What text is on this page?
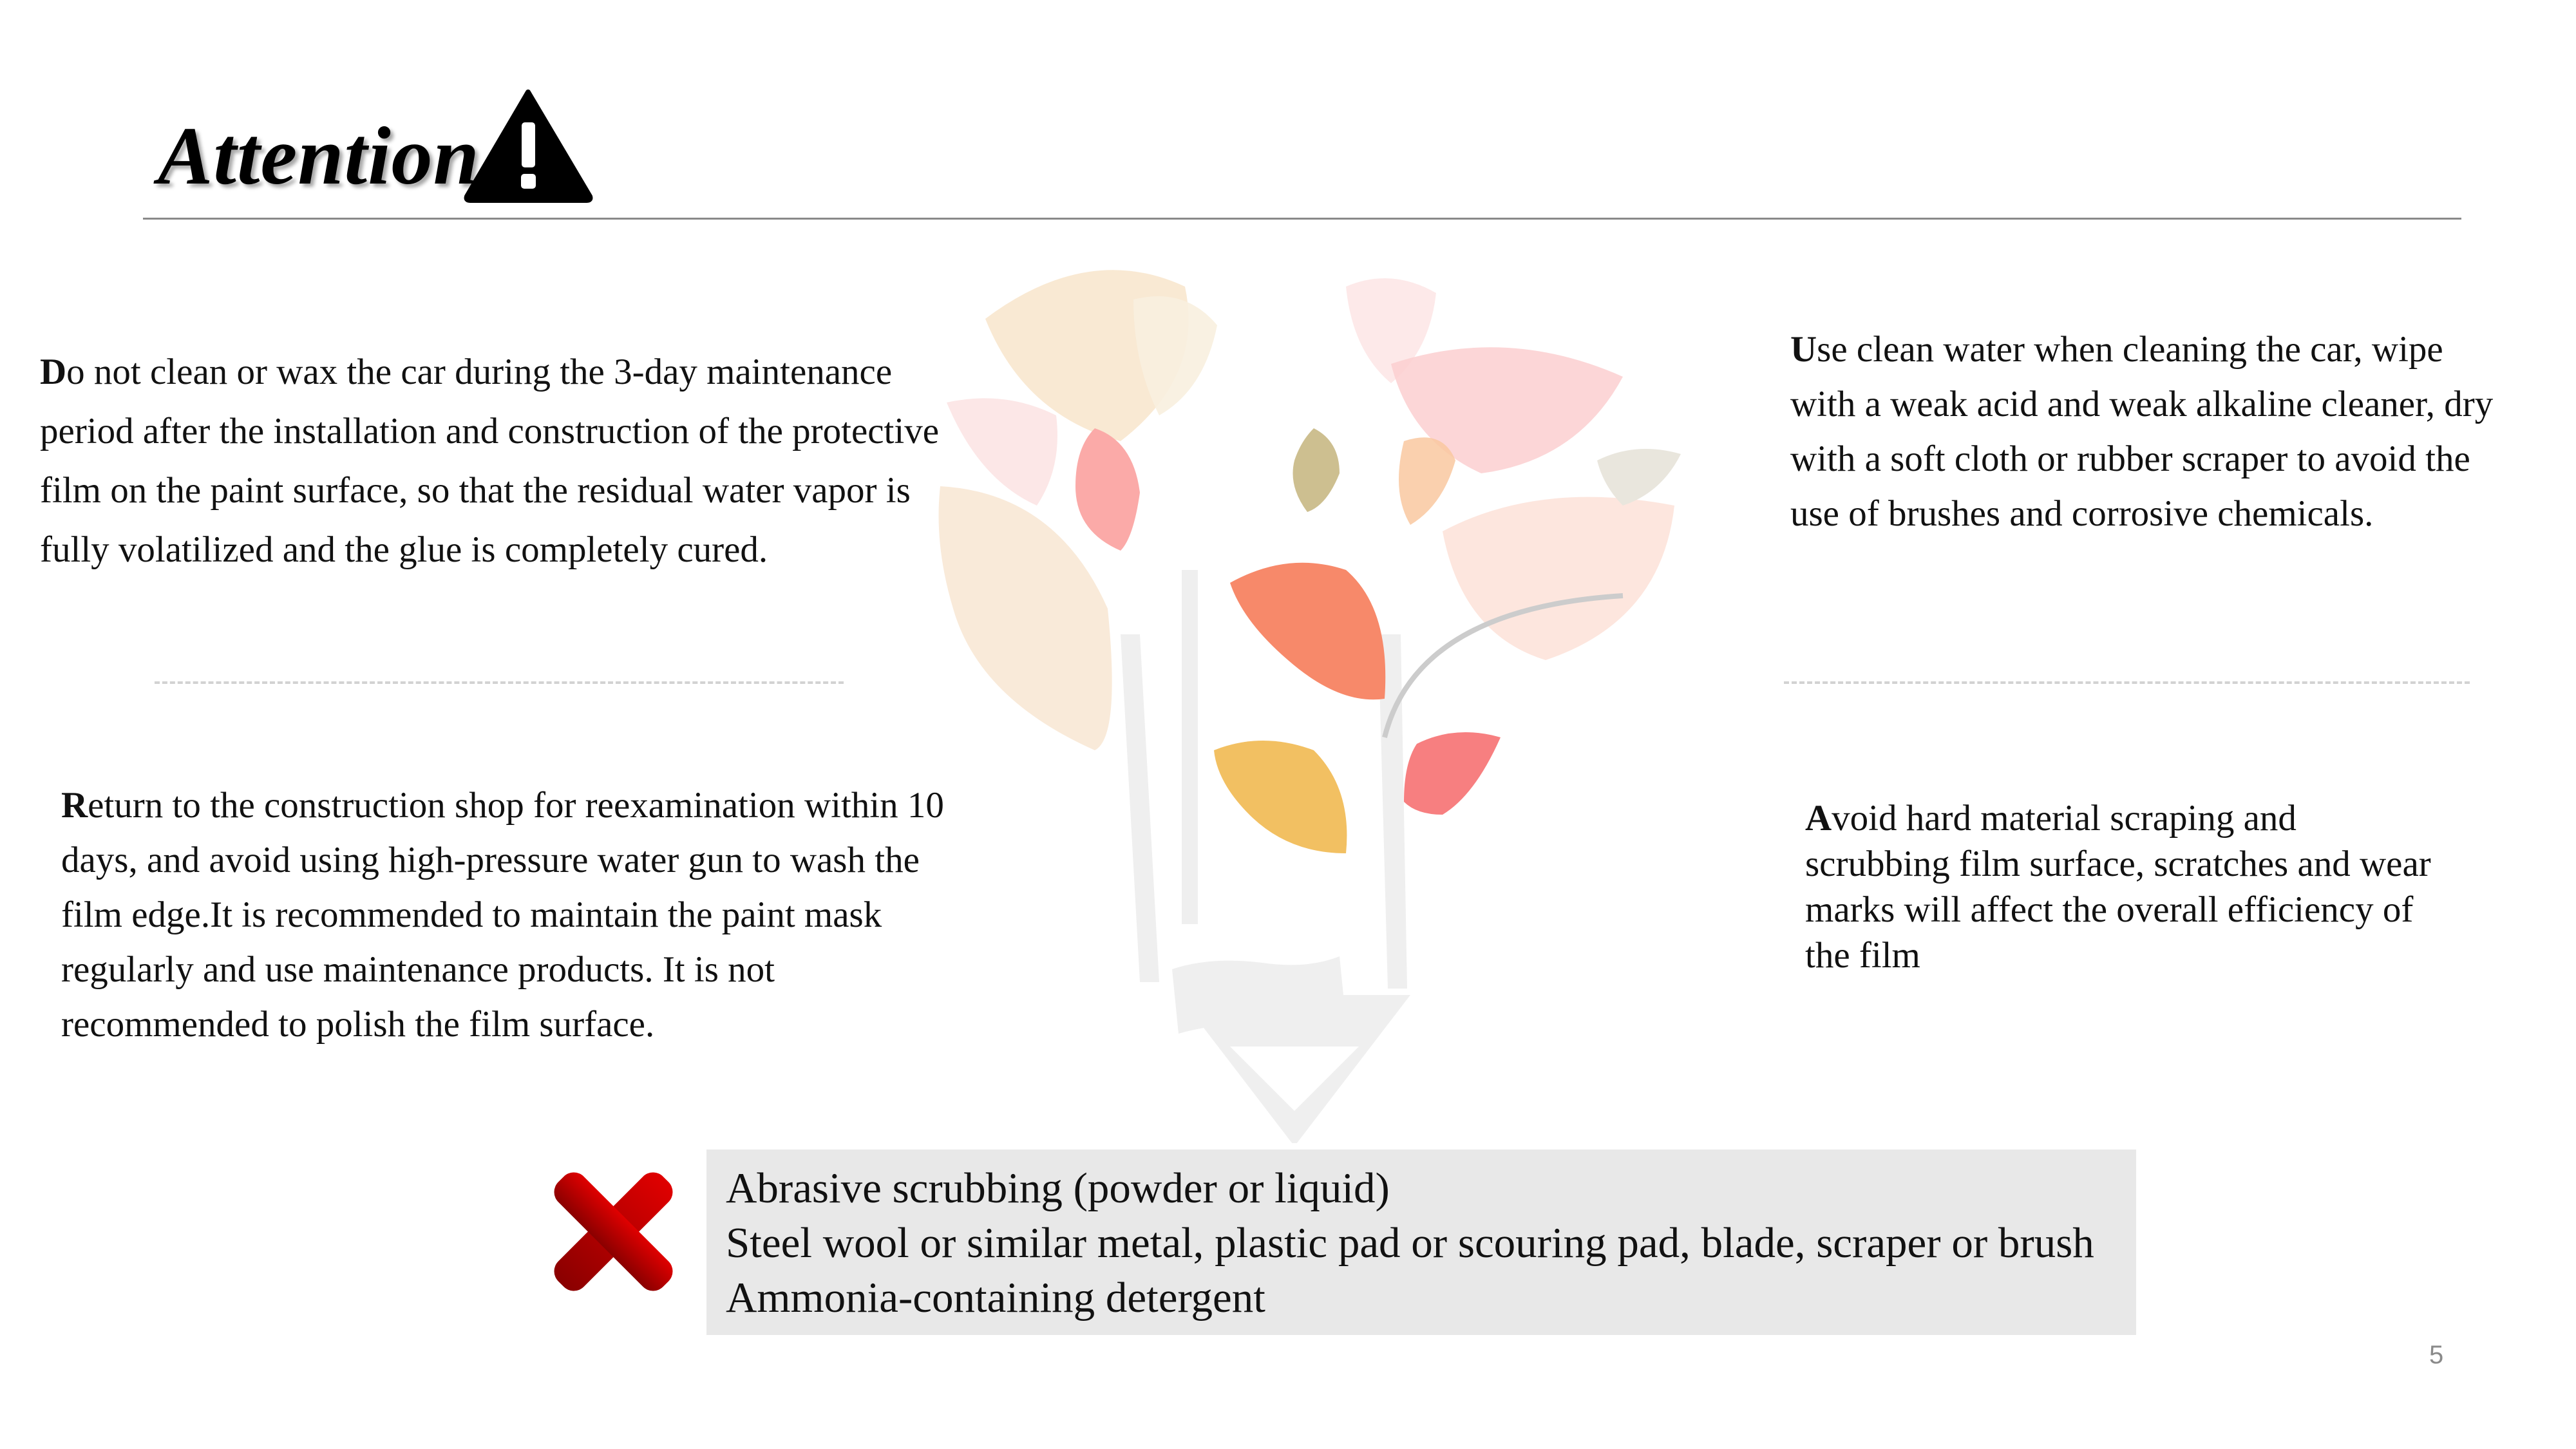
Attention
Do not clean or wax the car during the 3-day maintenance period after the installation and construction of the protective film on the paint surface, so that the residual water vapor is fully volatilized and the glue is completely cured.
Use clean water when cleaning the car, wipe with a weak acid and weak alkaline cleaner, dry with a soft cloth or rubber scraper to avoid the use of brushes and corrosive chemicals.
Return to the construction shop for reexamination within 10 days, and avoid using high-pressure water gun to wash the film edge.It is recommended to maintain the paint mask regularly and use maintenance products. It is not recommended to polish the film surface.
Avoid hard material scraping and scrubbing film surface, scratches and wear marks will affect the overall efficiency of the film
Abrasive scrubbing (powder or liquid)
Steel wool or similar metal, plastic pad or scouring pad, blade, scraper or brush
Ammonia-containing detergent
5
